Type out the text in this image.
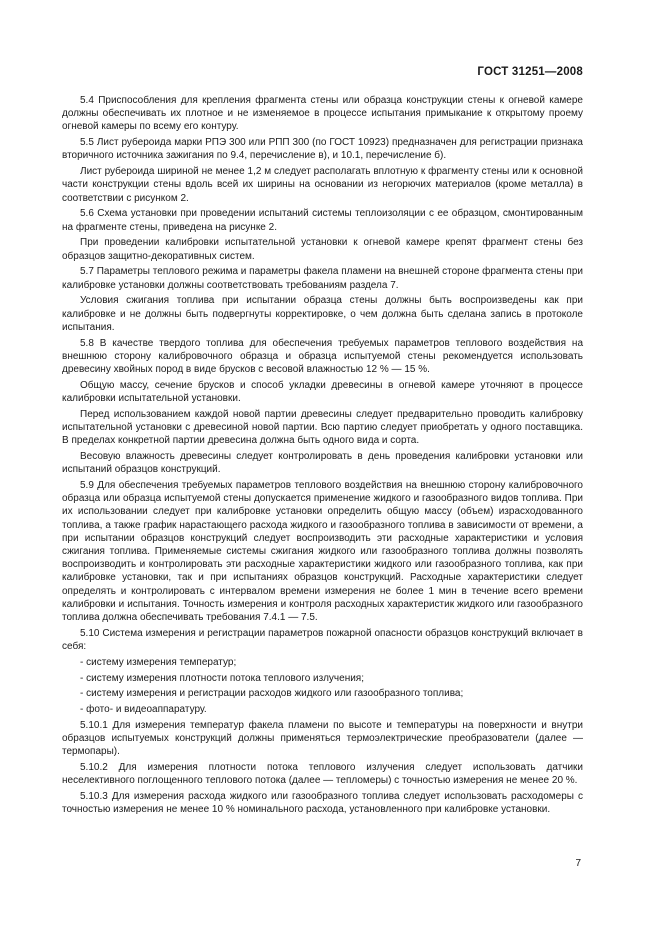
ГОСТ 31251—2008

5.4 Приспособления для крепления фрагмента стены или образца конструкции стены к огневой камере должны обеспечивать их плотное и не изменяемое в процессе испытания примыкание к открытому проему огневой камеры по всему его контуру.

5.5 Лист рубероида марки РПЭ 300 или РПП 300 (по ГОСТ 10923) предназначен для регистрации признака вторичного источника зажигания по 9.4, перечисление в), и 10.1, перечисление б).

Лист рубероида шириной не менее 1,2 м следует располагать вплотную к фрагменту стены или к основной части конструкции стены вдоль всей их ширины на основании из негорючих материалов (кроме металла) в соответствии с рисунком 2.

5.6 Схема установки при проведении испытаний системы теплоизоляции с ее образцом, смонтированным на фрагменте стены, приведена на рисунке 2.

При проведении калибровки испытательной установки к огневой камере крепят фрагмент стены без образцов защитно-декоративных систем.

5.7 Параметры теплового режима и параметры факела пламени на внешней стороне фрагмента стены при калибровке установки должны соответствовать требованиям раздела 7.

Условия сжигания топлива при испытании образца стены должны быть воспроизведены как при калибровке и не должны быть подвергнуты корректировке, о чем должна быть сделана запись в протоколе испытания.

5.8 В качестве твердого топлива для обеспечения требуемых параметров теплового воздействия на внешнюю сторону калибровочного образца и образца испытуемой стены рекомендуется использовать древесину хвойных пород в виде брусков с весовой влажностью 12 % — 15 %.

Общую массу, сечение брусков и способ укладки древесины в огневой камере уточняют в процессе калибровки испытательной установки.

Перед использованием каждой новой партии древесины следует предварительно проводить калибровку испытательной установки с древесиной новой партии. Всю партию следует приобретать у одного поставщика. В пределах конкретной партии древесина должна быть одного вида и сорта.

Весовую влажность древесины следует контролировать в день проведения калибровки установки или испытаний образцов конструкций.

5.9 Для обеспечения требуемых параметров теплового воздействия на внешнюю сторону калибровочного образца или образца испытуемой стены допускается применение жидкого и газообразного видов топлива. При их использовании следует при калибровке установки определить общую массу (объем) израсходованного топлива, а также график нарастающего расхода жидкого и газообразного топлива в зависимости от времени, а при испытании образцов конструкций следует воспроизводить эти расходные характеристики и условия сжигания топлива. Применяемые системы сжигания жидкого или газообразного топлива должны позволять воспроизводить и контролировать эти расходные характеристики жидкого или газообразного топлива, как при калибровке установки, так и при испытаниях образцов конструкций. Расходные характеристики следует определять и контролировать с интервалом времени измерения не более 1 мин в течение всего времени калибровки и испытания. Точность измерения и контроля расходных характеристик жидкого или газообразного топлива должна обеспечивать требования 7.4.1 — 7.5.

5.10 Система измерения и регистрации параметров пожарной опасности образцов конструкций включает в себя:

- систему измерения температур;

- систему измерения плотности потока теплового излучения;

- систему измерения и регистрации расходов жидкого или газообразного топлива;

- фото- и видеоаппаратуру.

5.10.1 Для измерения температур факела пламени по высоте и температуры на поверхности и внутри образцов испытуемых конструкций должны применяться термоэлектрические преобразователи (далее — термопары).

5.10.2 Для измерения плотности потока теплового излучения следует использовать датчики неселективного поглощенного теплового потока (далее — тепломеры) с точностью измерения не менее 20 %.

5.10.3 Для измерения расхода жидкого или газообразного топлива следует использовать расходомеры с точностью измерения не менее 10 % номинального расхода, установленного при калибровке установки.

7
